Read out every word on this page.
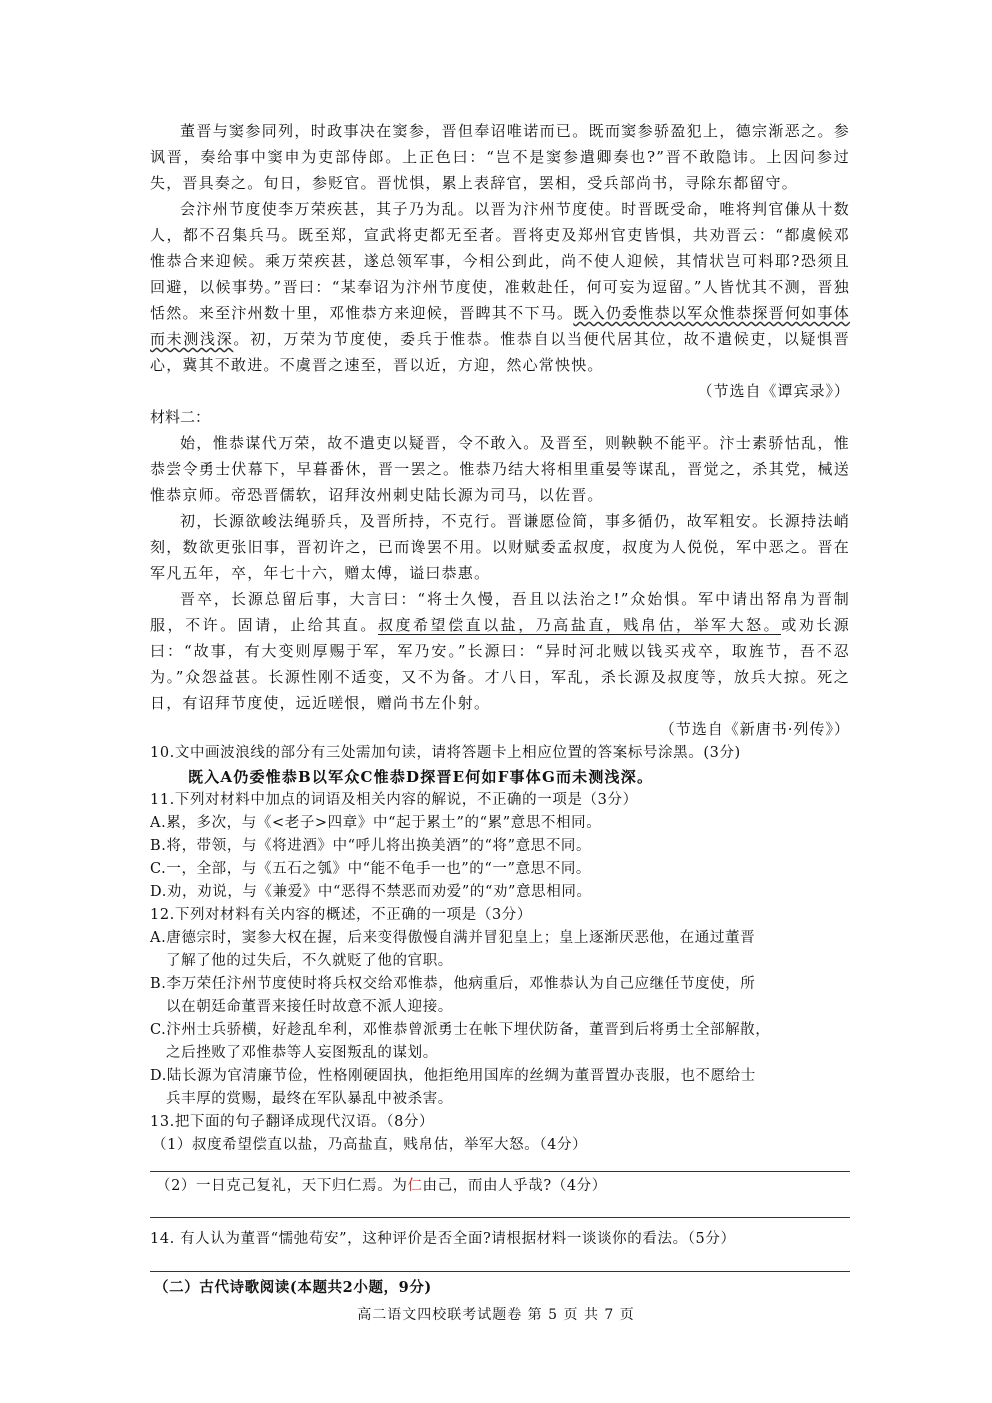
董晋与窦参同列，时政事决在窦参，晋但奉诏唯诺而已。既而窦参骄盈犯上，德宗渐恶之。参讽晋，奏给事中窦申为吏部侍郎。上正色曰：“岂不是窦参遣卿奏也?”晋不敢隐讳。上因问参过失，晋具奏之。旬日，参贬官。晋忧惧，累上表辞官，罢相，受兵部尚书，寻除东都留守。

会汴州节度使李万荣疾甚，其子乃为乱。以晋为汴州节度使。时晋既受命，唯将判官傔从十数人，都不召集兵马。既至郑，宣武将吏都无至者。晋将吏及郑州官吏皆惧，共劝晋云：“都虞候邓惟恭合来迎候。乘万荣疾甚，遂总领军事，今相公到此，尚不使人迎候，其情状岂可料耶?恐须且回避，以候事势。”晋曰：“某奉诏为汴州节度使，准敕赴任，何可妄为逗留。”人皆忧其不测，晋独恬然。来至汴州数十里，邓惟恭方来迎候，晋睥其不下马。既入仍委惟恭以军众惟恭探晋何如事体而未测浅深。初，万荣为节度使，委兵于惟恭。惟恭自以当便代居其位，故不遣候吏，以疑惧晋心，冀其不敢进。不虞晋之速至，晋以近，方迎，然心常怏怏。

（节选自《谭宾录》）

材料二：

始，惟恭谋代万荣，故不遣吏以疑晋，令不敢入。及晋至，则鞅鞅不能平。汴士素骄怙乱，惟恭尝令勇士伏幕下，早暮番休，晋一罢之。惟恭乃结大将相里重晏等谋乱，晋觉之，杀其党，械送惟恭京师。帝恐晋儒软，诏拜汝州刺史陆长源为司马，以佐晋。

初，长源欲峻法绳骄兵，及晋所持，不克行。晋谦愿俭简，事多循仍，故军粗安。长源持法峭刻，数欲更张旧事，晋初许之，已而谗罢不用。以财赋委孟叔度，叔度为人侻侻，军中恶之。晋在军凡五年，卒，年七十六，赠太傅，谥曰恭惠。

晋卒，长源总留后事，大言曰：“将士久慢，吾且以法治之!”众始惧。军中请出帑帛为晋制服，不许。固请，止给其直。叔度希望偿直以盐，乃高盐直，贱帛估，举军大怒。或劝长源曰：“故事，有大变则厚赐于军，军乃安。”长源曰：“异时河北贼以钱买戎卒，取旌节，吾不忍为。”众怨益甚。长源性刚不适变，又不为备。才八日，军乱，杀长源及叔度等，放兵大掠。死之日，有诏拜节度使，远近嗟恨，赠尚书左仆射。

（节选自《新唐书·列传》）

10.文中画波浪线的部分有三处需加句读，请将答题卡上相应位置的答案标号涂黑。(3分)

既入A仍委惟恭B以军众C惟恭D探晋E何如F事体G而未测浅深。

11.下列对材料中加点的词语及相关内容的解说，不正确的一项是（3分）

A.累，多次，与《<老子>四章》中“起于累土”的“累”意思不相同。

B.将，带领，与《将进酒》中“呼儿将出换美酒”的“将”意思不同。

C.一，全部，与《五石之瓠》中“能不龟手一也”的“一”意思不同。

D.劝，劝说，与《兼爱》中“恶得不禁恶而劝爱”的“劝”意思相同。

12.下列对材料有关内容的概述，不正确的一项是（3分）

A.唐德宗时，窦参大权在握，后来变得傲慢自满并冒犯皇上；皇上逐渐厌恶他，在通过董晋

了解了他的过失后，不久就贬了他的官职。

B.李万荣任汴州节度使时将兵权交给邓惟恭，他病重后，邓惟恭认为自己应继任节度使，所

以在朝廷命董晋来接任时故意不派人迎接。

C.汴州士兵骄横，好趁乱牟利，邓惟恭曾派勇士在帐下埋伏防备，董晋到后将勇士全部解散，

之后挫败了邓惟恭等人妄图叛乱的谋划。

D.陆长源为官清廉节俭，性格刚硬固执，他拒绝用国库的丝绸为董晋置办丧服，也不愿给士

兵丰厚的赏赐，最终在军队暴乱中被杀害。

13.把下面的句子翻译成现代汉语。（8分）

（1）叔度希望偿直以盐，乃高盐直，贱帛估，举军大怒。（4分）

（2）一日克己复礼，天下归仁焉。为仁由己，而由人乎哉?（4分）

14. 有人认为董晋“懦弛苟安”，这种评价是否全面?请根据材料一谈谈你的看法。（5分）

（二）古代诗歌阅读(本题共2小题，9分)

高二语文四校联考试题卷 第 5 页 共 7 页
